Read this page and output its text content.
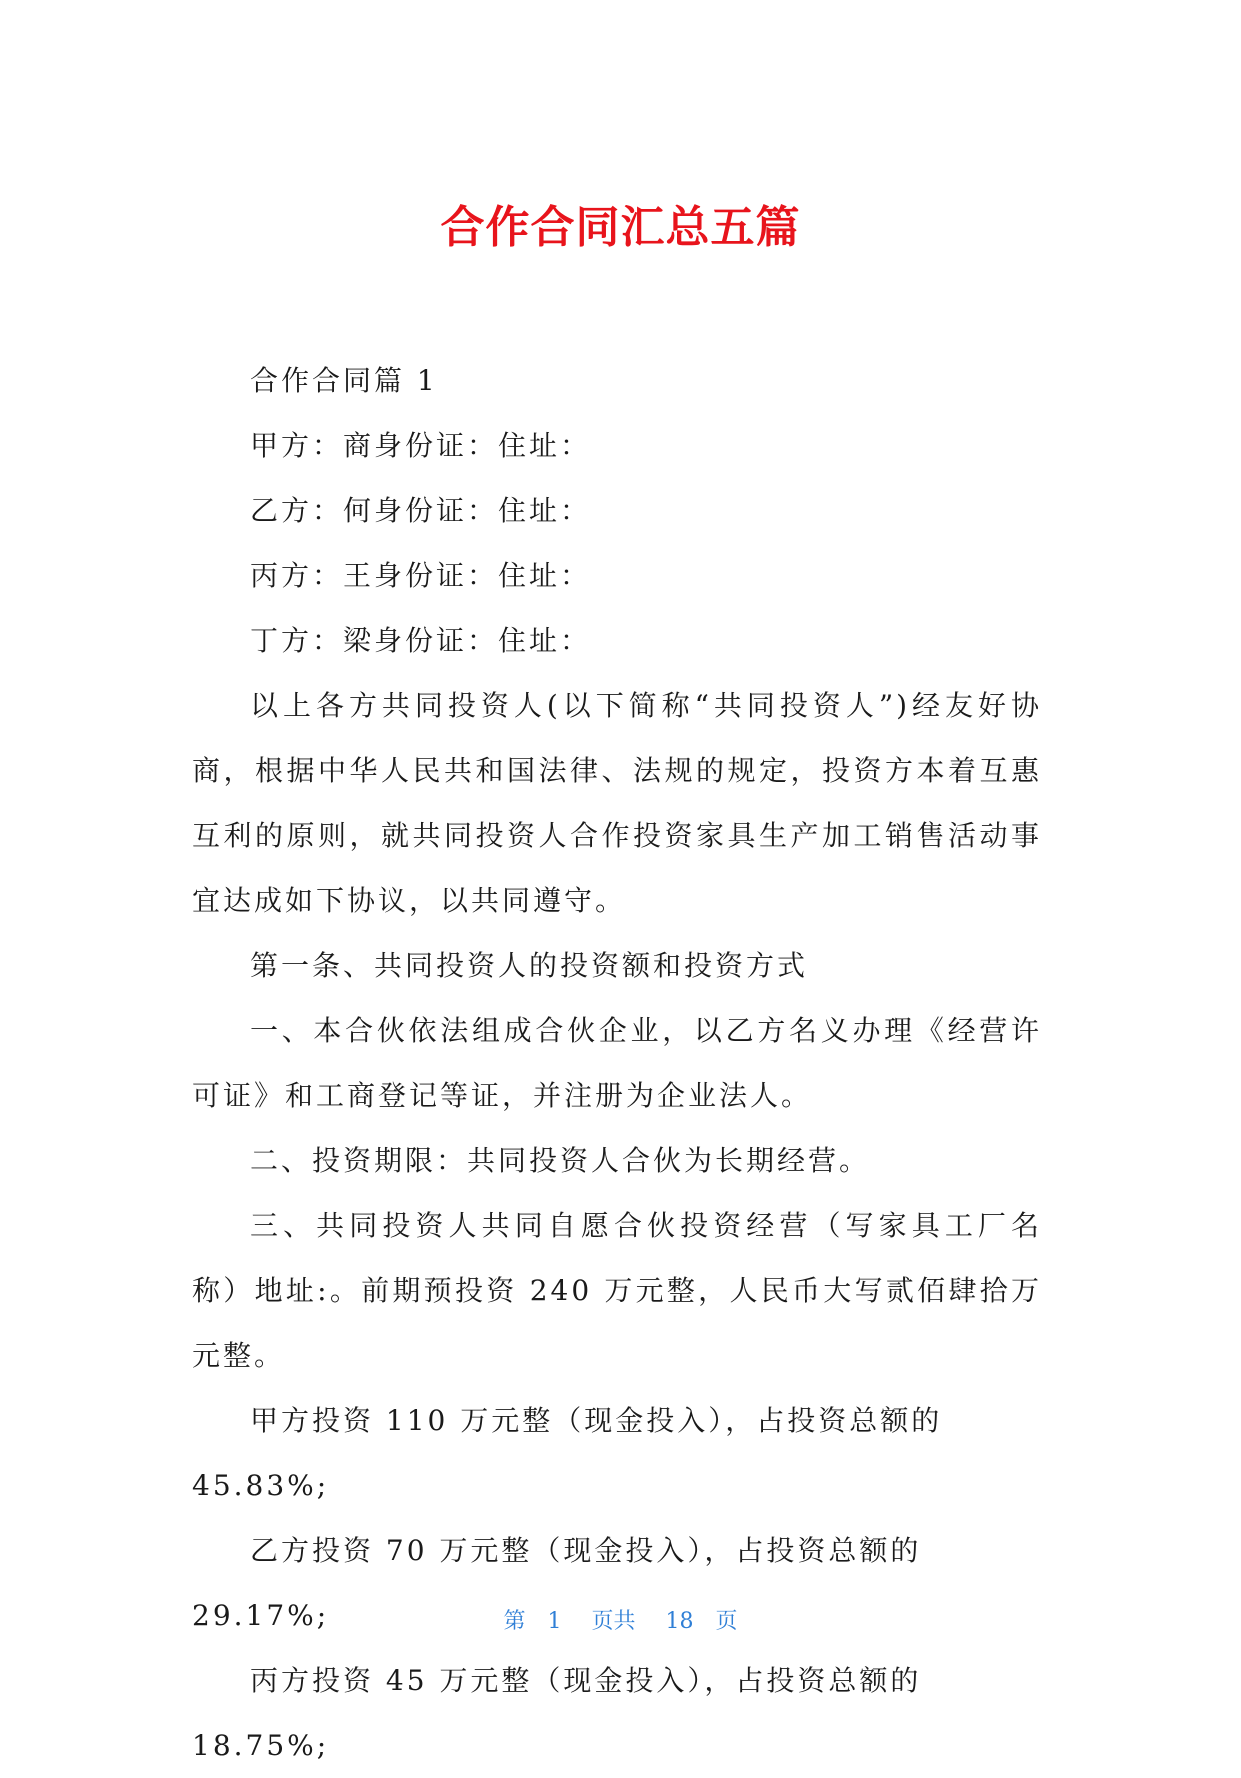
合作合同汇总五篇

合作合同篇 1

甲方：商身份证：住址：

乙方：何身份证：住址：

丙方：王身份证：住址：

丁方：梁身份证：住址：

以上各方共同投资人(以下简称“共同投资人”)经友好协商，根据中华人民共和国法律、法规的规定，投资方本着互惠互利的原则，就共同投资人合作投资家具生产加工销售活动事宜达成如下协议，以共同遵守。

第一条、共同投资人的投资额和投资方式

一、本合伙依法组成合伙企业，以乙方名义办理《经营许可证》和工商登记等证，并注册为企业法人。

二、投资期限：共同投资人合伙为长期经营。

三、共同投资人共同自愿合伙投资经营（写家具工厂名称）地址:。前期预投资 240 万元整，人民币大写贰佰肆拾万元整。

甲方投资 110 万元整（现金投入），占投资总额的 45.83%;

乙方投资 70 万元整（现金投入），占投资总额的 29.17%;

丙方投资 45 万元整（现金投入），占投资总额的 18.75%;

第 1 页共 18 页
